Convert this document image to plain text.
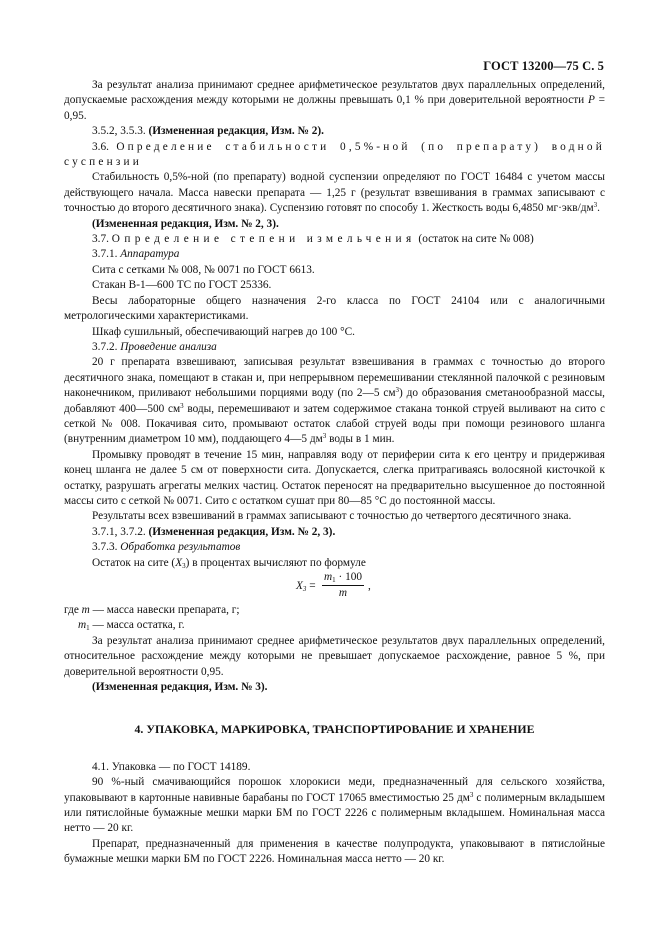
ГОСТ 13200—75 С. 5

За результат анализа принимают среднее арифметическое результатов двух параллельных определений, допускаемые расхождения между которыми не должны превышать 0,1 % при доверительной вероятности P = 0,95.

3.5.2, 3.5.3. (Измененная редакция, Изм. № 2).

3.6. Определение стабильности 0,5%-ной (по препарату) водной суспензии

Стабильность 0,5%-ной (по препарату) водной суспензии определяют по ГОСТ 16484 с учетом массы действующего начала. Масса навески препарата — 1,25 г (результат взвешивания в граммах записывают с точностью до второго десятичного знака). Суспензию готовят по способу 1. Жесткость воды 6,4850 $мг\cdot экв/дм^3$.

(Измененная редакция, Изм. № 2, 3).

3.7. Определение степени измельчения (остаток на сите № 008)

3.7.1. Аппаратура

Сита с сетками № 008, № 0071 по ГОСТ 6613.

Стакан В-1—600 ТС по ГОСТ 25336.

Весы лабораторные общего назначения 2-го класса по ГОСТ 24104 или с аналогичными метрологическими характеристиками.

Шкаф сушильный, обеспечивающий нагрев до 100 °С.

3.7.2. Проведение анализа

20 г препарата взвешивают, записывая результат взвешивания в граммах с точностью до второго десятичного знака, помещают в стакан и, при непрерывном перемешивании стеклянной палочкой с резиновым наконечником, приливают небольшими порциями воду (по 2—5 $см^3$) до образования сметанообразной массы, добавляют 400—500 $см^3$ воды, перемешивают и затем содержимое стакана тонкой струей выливают на сито с сеткой № 008. Покачивая сито, промывают остаток слабой струей воды при помощи резинового шланга (внутренним диаметром 10 мм), поддающего 4—5 $дм^3$ воды в 1 мин.

Промывку проводят в течение 15 мин, направляя воду от периферии сита к его центру и придерживая конец шланга не далее 5 см от поверхности сита. Допускается, слегка притрагиваясь волосяной кисточкой к остатку, разрушать агрегаты мелких частиц. Остаток переносят на предварительно высушенное до постоянной массы сито с сеткой № 0071. Сито с остатком сушат при 80—85 °С до постоянной массы.

Результаты всех взвешиваний в граммах записывают с точностью до четвертого десятичного знака.

3.7.1, 3.7.2. (Измененная редакция, Изм. № 2, 3).

3.7.3. Обработка результатов

Остаток на сите $(X_3)$ в процентах вычисляют по формуле

$X_3 = \frac{m_1 \cdot 100}{m}$ ,

где m — масса навески препарата, г;

$m_1$ — масса остатка, г.

За результат анализа принимают среднее арифметическое результатов двух параллельных определений, относительное расхождение между которыми не превышает допускаемое расхождение, равное 5 %, при доверительной вероятности 0,95.

(Измененная редакция, Изм. № 3).

4. УПАКОВКА, МАРКИРОВКА, ТРАНСПОРТИРОВАНИЕ И ХРАНЕНИЕ

4.1. Упаковка — по ГОСТ 14189.

90 %-ный смачивающийся порошок хлорокиси меди, предназначенный для сельского хозяйства, упаковывают в картонные навивные барабаны по ГОСТ 17065 вместимостью 25 $дм^3$ с полимерным вкладышем или пятислойные бумажные мешки марки БМ по ГОСТ 2226 с полимерным вкладышем. Номинальная масса нетто — 20 кг.

Препарат, предназначенный для применения в качестве полупродукта, упаковывают в пятислойные бумажные мешки марки БМ по ГОСТ 2226. Номинальная масса нетто — 20 кг.
